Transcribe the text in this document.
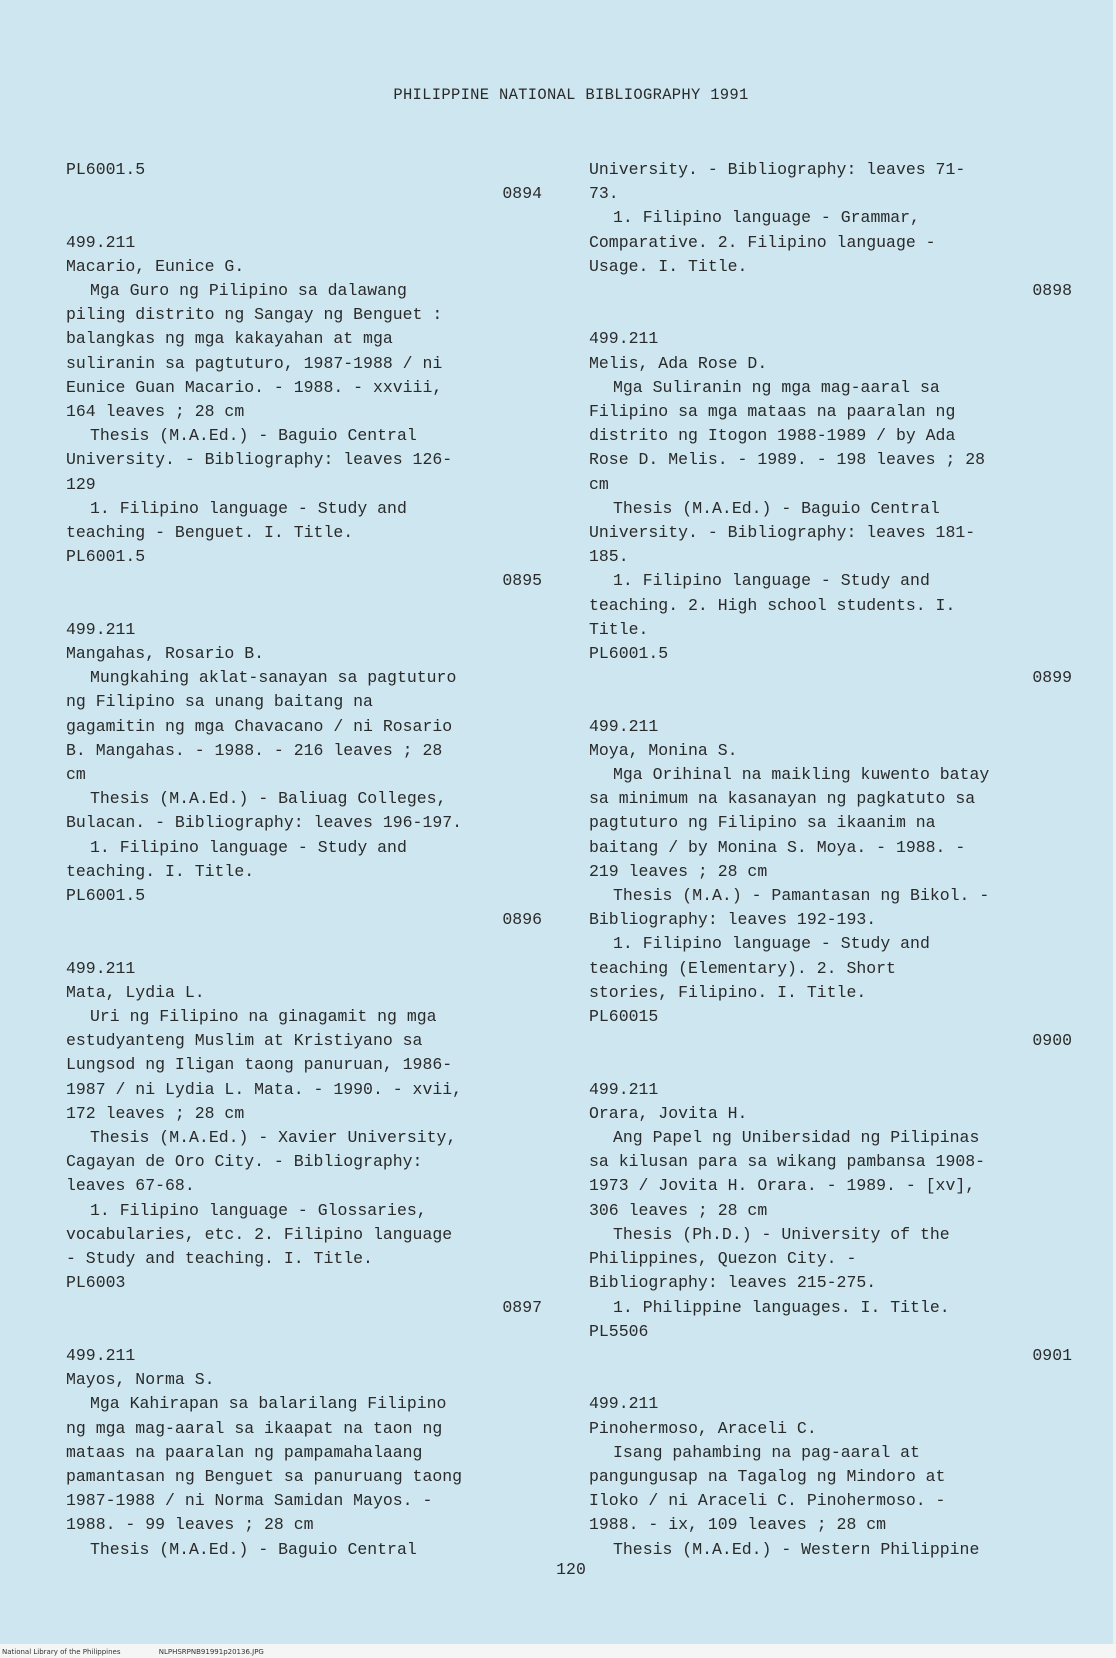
PHILIPPINE NATIONAL BIBLIOGRAPHY 1991
PL6001.5
0894
499.211
Macario, Eunice G.
Mga Guro ng Pilipino sa dalawang
piling distrito ng Sangay ng Benguet :
balangkas ng mga kakayahan at mga
suliranin sa pagtuturo, 1987-1988 / ni
Eunice Guan Macario. - 1988. - xxviii,
164 leaves ; 28 cm
Thesis (M.A.Ed.) - Baguio Central
University. - Bibliography: leaves 126-
129
1. Filipino language - Study and
teaching - Benguet. I. Title.
PL6001.5
0895
499.211
Mangahas, Rosario B.
Mungkahing aklat-sanayan sa pagtuturo
ng Filipino sa unang baitang na
gagamitin ng mga Chavacano / ni Rosario
B. Mangahas. - 1988. - 216 leaves ; 28
cm
Thesis (M.A.Ed.) - Baliuag Colleges,
Bulacan. - Bibliography: leaves 196-197.
1. Filipino language - Study and
teaching. I. Title.
PL6001.5
0896
499.211
Mata, Lydia L.
Uri ng Filipino na ginagamit ng mga
estudyanteng Muslim at Kristiyano sa
Lungsod ng Iligan taong panuruan, 1986-
1987 / ni Lydia L. Mata. - 1990. - xvii,
172 leaves ; 28 cm
Thesis (M.A.Ed.) - Xavier University,
Cagayan de Oro City. - Bibliography:
leaves 67-68.
1. Filipino language - Glossaries,
vocabularies, etc. 2. Filipino language
- Study and teaching. I. Title.
PL6003
0897
499.211
Mayos, Norma S.
Mga Kahirapan sa balarilang Filipino
ng mga mag-aaral sa ikaapat na taon ng
mataas na paaralan ng pampamahalaang
pamantasan ng Benguet sa panuruang taong
1987-1988 / ni Norma Samidan Mayos. -
1988. - 99 leaves ; 28 cm
Thesis (M.A.Ed.) - Baguio Central
University. - Bibliography: leaves 71-
73.
1. Filipino language - Grammar,
Comparative. 2. Filipino language -
Usage. I. Title.
0898
499.211
Melis, Ada Rose D.
Mga Suliranin ng mga mag-aaral sa
Filipino sa mga mataas na paaralan ng
distrito ng Itogon 1988-1989 / by Ada
Rose D. Melis. - 1989. - 198 leaves ; 28
cm
Thesis (M.A.Ed.) - Baguio Central
University. - Bibliography: leaves 181-
185.
1. Filipino language - Study and
teaching. 2. High school students. I.
Title.
PL6001.5
0899
499.211
Moya, Monina S.
Mga Orihinal na maikling kuwento batay
sa minimum na kasanayan ng pagkatuto sa
pagtuturo ng Filipino sa ikaanim na
baitang / by Monina S. Moya. - 1988. -
219 leaves ; 28 cm
Thesis (M.A.) - Pamantasan ng Bikol. -
Bibliography: leaves 192-193.
1. Filipino language - Study and
teaching (Elementary). 2. Short
stories, Filipino. I. Title.
PL60015
0900
499.211
Orara, Jovita H.
Ang Papel ng Unibersidad ng Pilipinas
sa kilusan para sa wikang pambansa 1908-
1973 / Jovita H. Orara. - 1989. - [xv],
306 leaves ; 28 cm
Thesis (Ph.D.) - University of the
Philippines, Quezon City. -
Bibliography: leaves 215-275.
1. Philippine languages. I. Title.
PL5506
0901
499.211
Pinohermoso, Araceli C.
Isang pahambing na pag-aaral at
pangungusap na Tagalog ng Mindoro at
Iloko / ni Araceli C. Pinohermoso. -
1988. - ix, 109 leaves ; 28 cm
Thesis (M.A.Ed.) - Western Philippine
120
National Library of the Philippines	NLPHSRPNB91991p20136.JPG
